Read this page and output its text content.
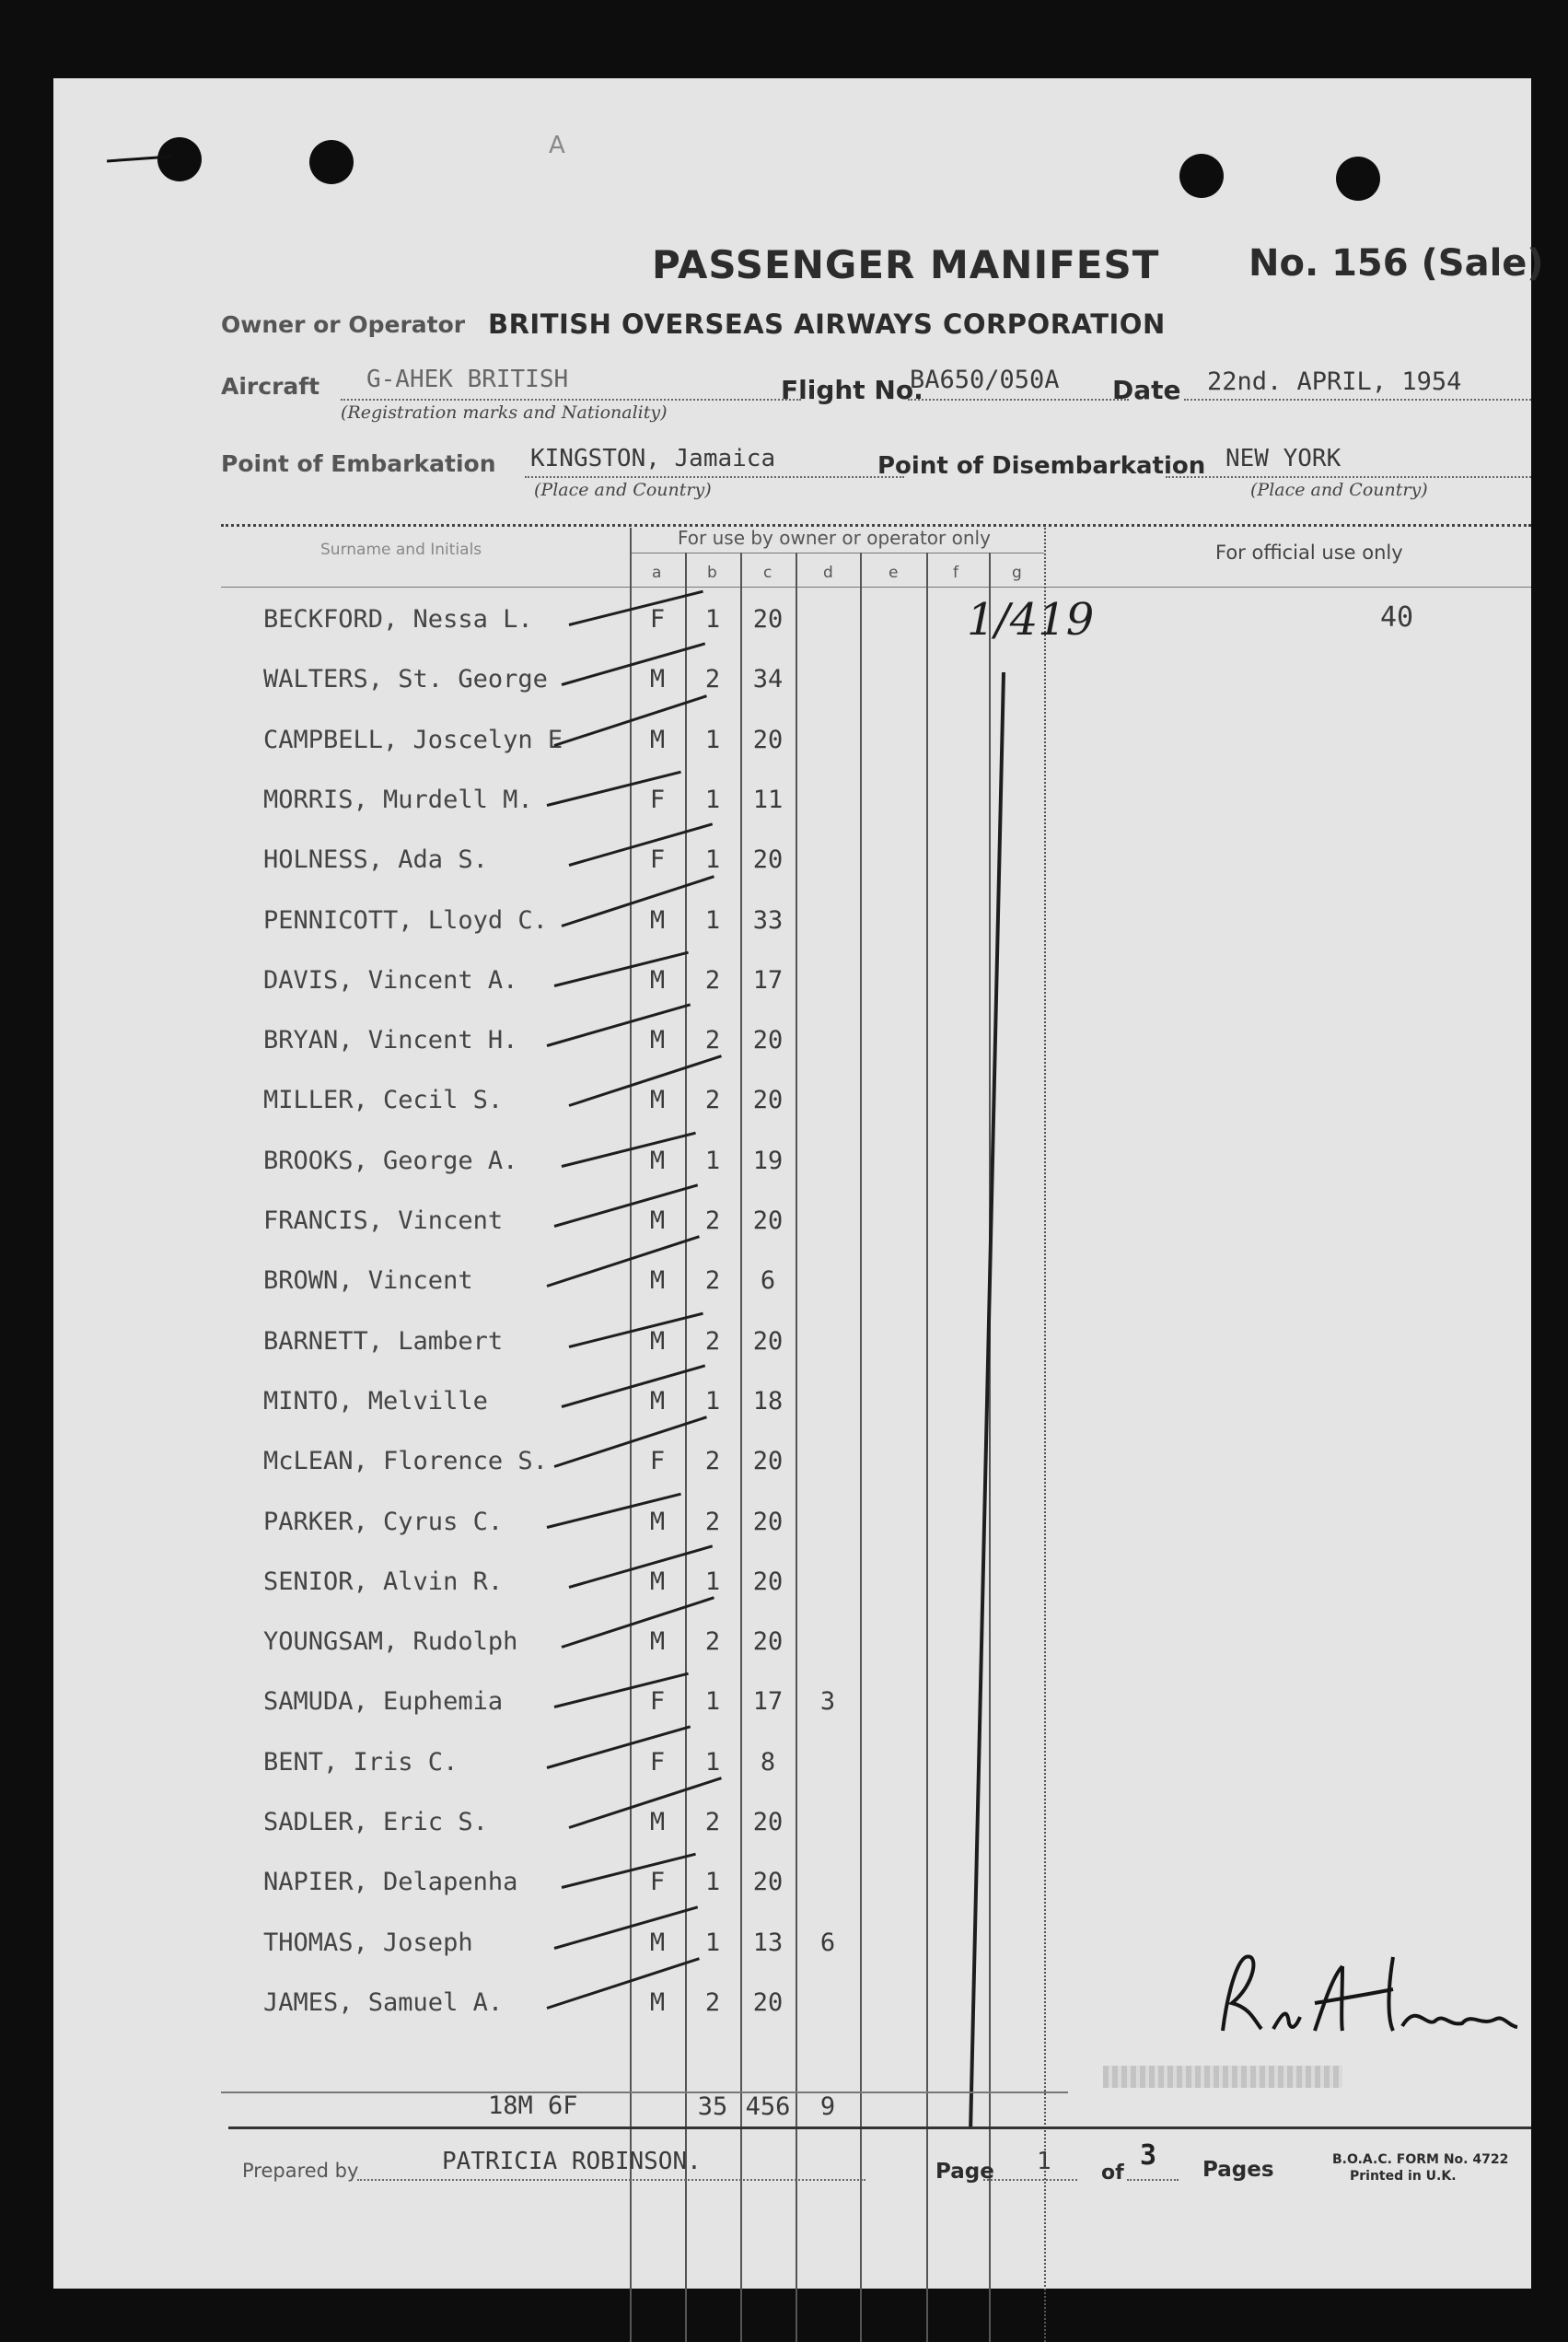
A
PASSENGER MANIFEST No. 156 (Sale)
Owner or Operator BRITISH OVERSEAS AIRWAYS CORPORATION
Aircraft G-AHEK BRITISH
(Registration marks and Nationality)
Flight No.
BA650/050A Date 22nd. APRIL, 1954
Point of Embarkation KINGSTON, Jamaica
(Place and Country)
Point of Disembarkation NEW YORK
(Place and Country)
Surname and Initials
For use by owner or operator only
For official use only
a	b	c	d	e	f	g
1/419	40
BECKFORD, Nessa L.	F	1	20
WALTERS, St. George	M	2	34
CAMPBELL, Joscelyn E	M	1	20
MORRIS, Murdell M.	F	1	11
HOLNESS, Ada S.	F	1	20
PENNICOTT, Lloyd C.	M	1	33
DAVIS, Vincent A.	M	2	17
BRYAN, Vincent H.	M	2	20
MILLER, Cecil S.	M	2	20
BROOKS, George A.	M	1	19
FRANCIS, Vincent	M	2	20
BROWN, Vincent	M	2	6
BARNETT, Lambert	M	2	20
MINTO, Melville	M	1	18
McLEAN, Florence S.	F	2	20
PARKER, Cyrus C.	M	2	20
SENIOR, Alvin R.	M	1	20
YOUNGSAM, Rudolph	M	2	20
SAMUDA, Euphemia	F	1	17	3
BENT, Iris C.	F	1	8
SADLER, Eric S.	M	2	20
NAPIER, Delapenha	F	1	20
THOMAS, Joseph	M	1	13	6
JAMES, Samuel A.	M	2	20
18M 6F	35 456	9
Prepared by	PATRICIA ROBINSON.	Page 1 of
3 Pages	B.O.A.C. FORM No. 4722
Printed in U.K.
